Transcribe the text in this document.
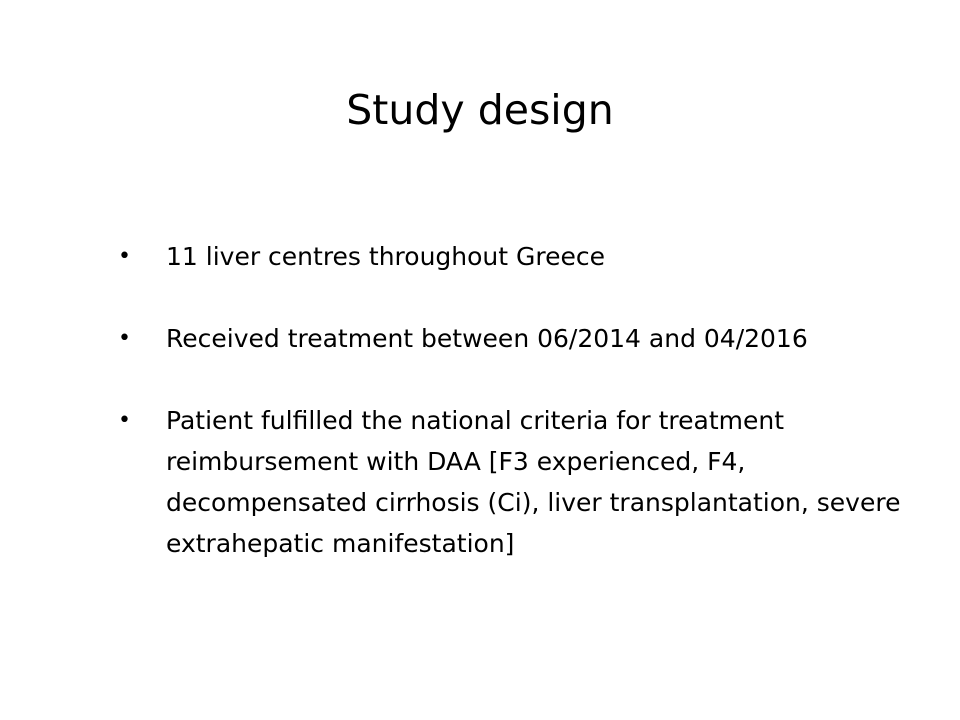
Study design
• 11 liver centres throughout Greece
• Received treatment between 06/2014 and 04/2016
• Patient fulfilled the national criteria for treatment reimbursement with DAA [F3 experienced, F4, decompensated cirrhosis (Ci), liver transplantation, severe extrahepatic manifestation]
